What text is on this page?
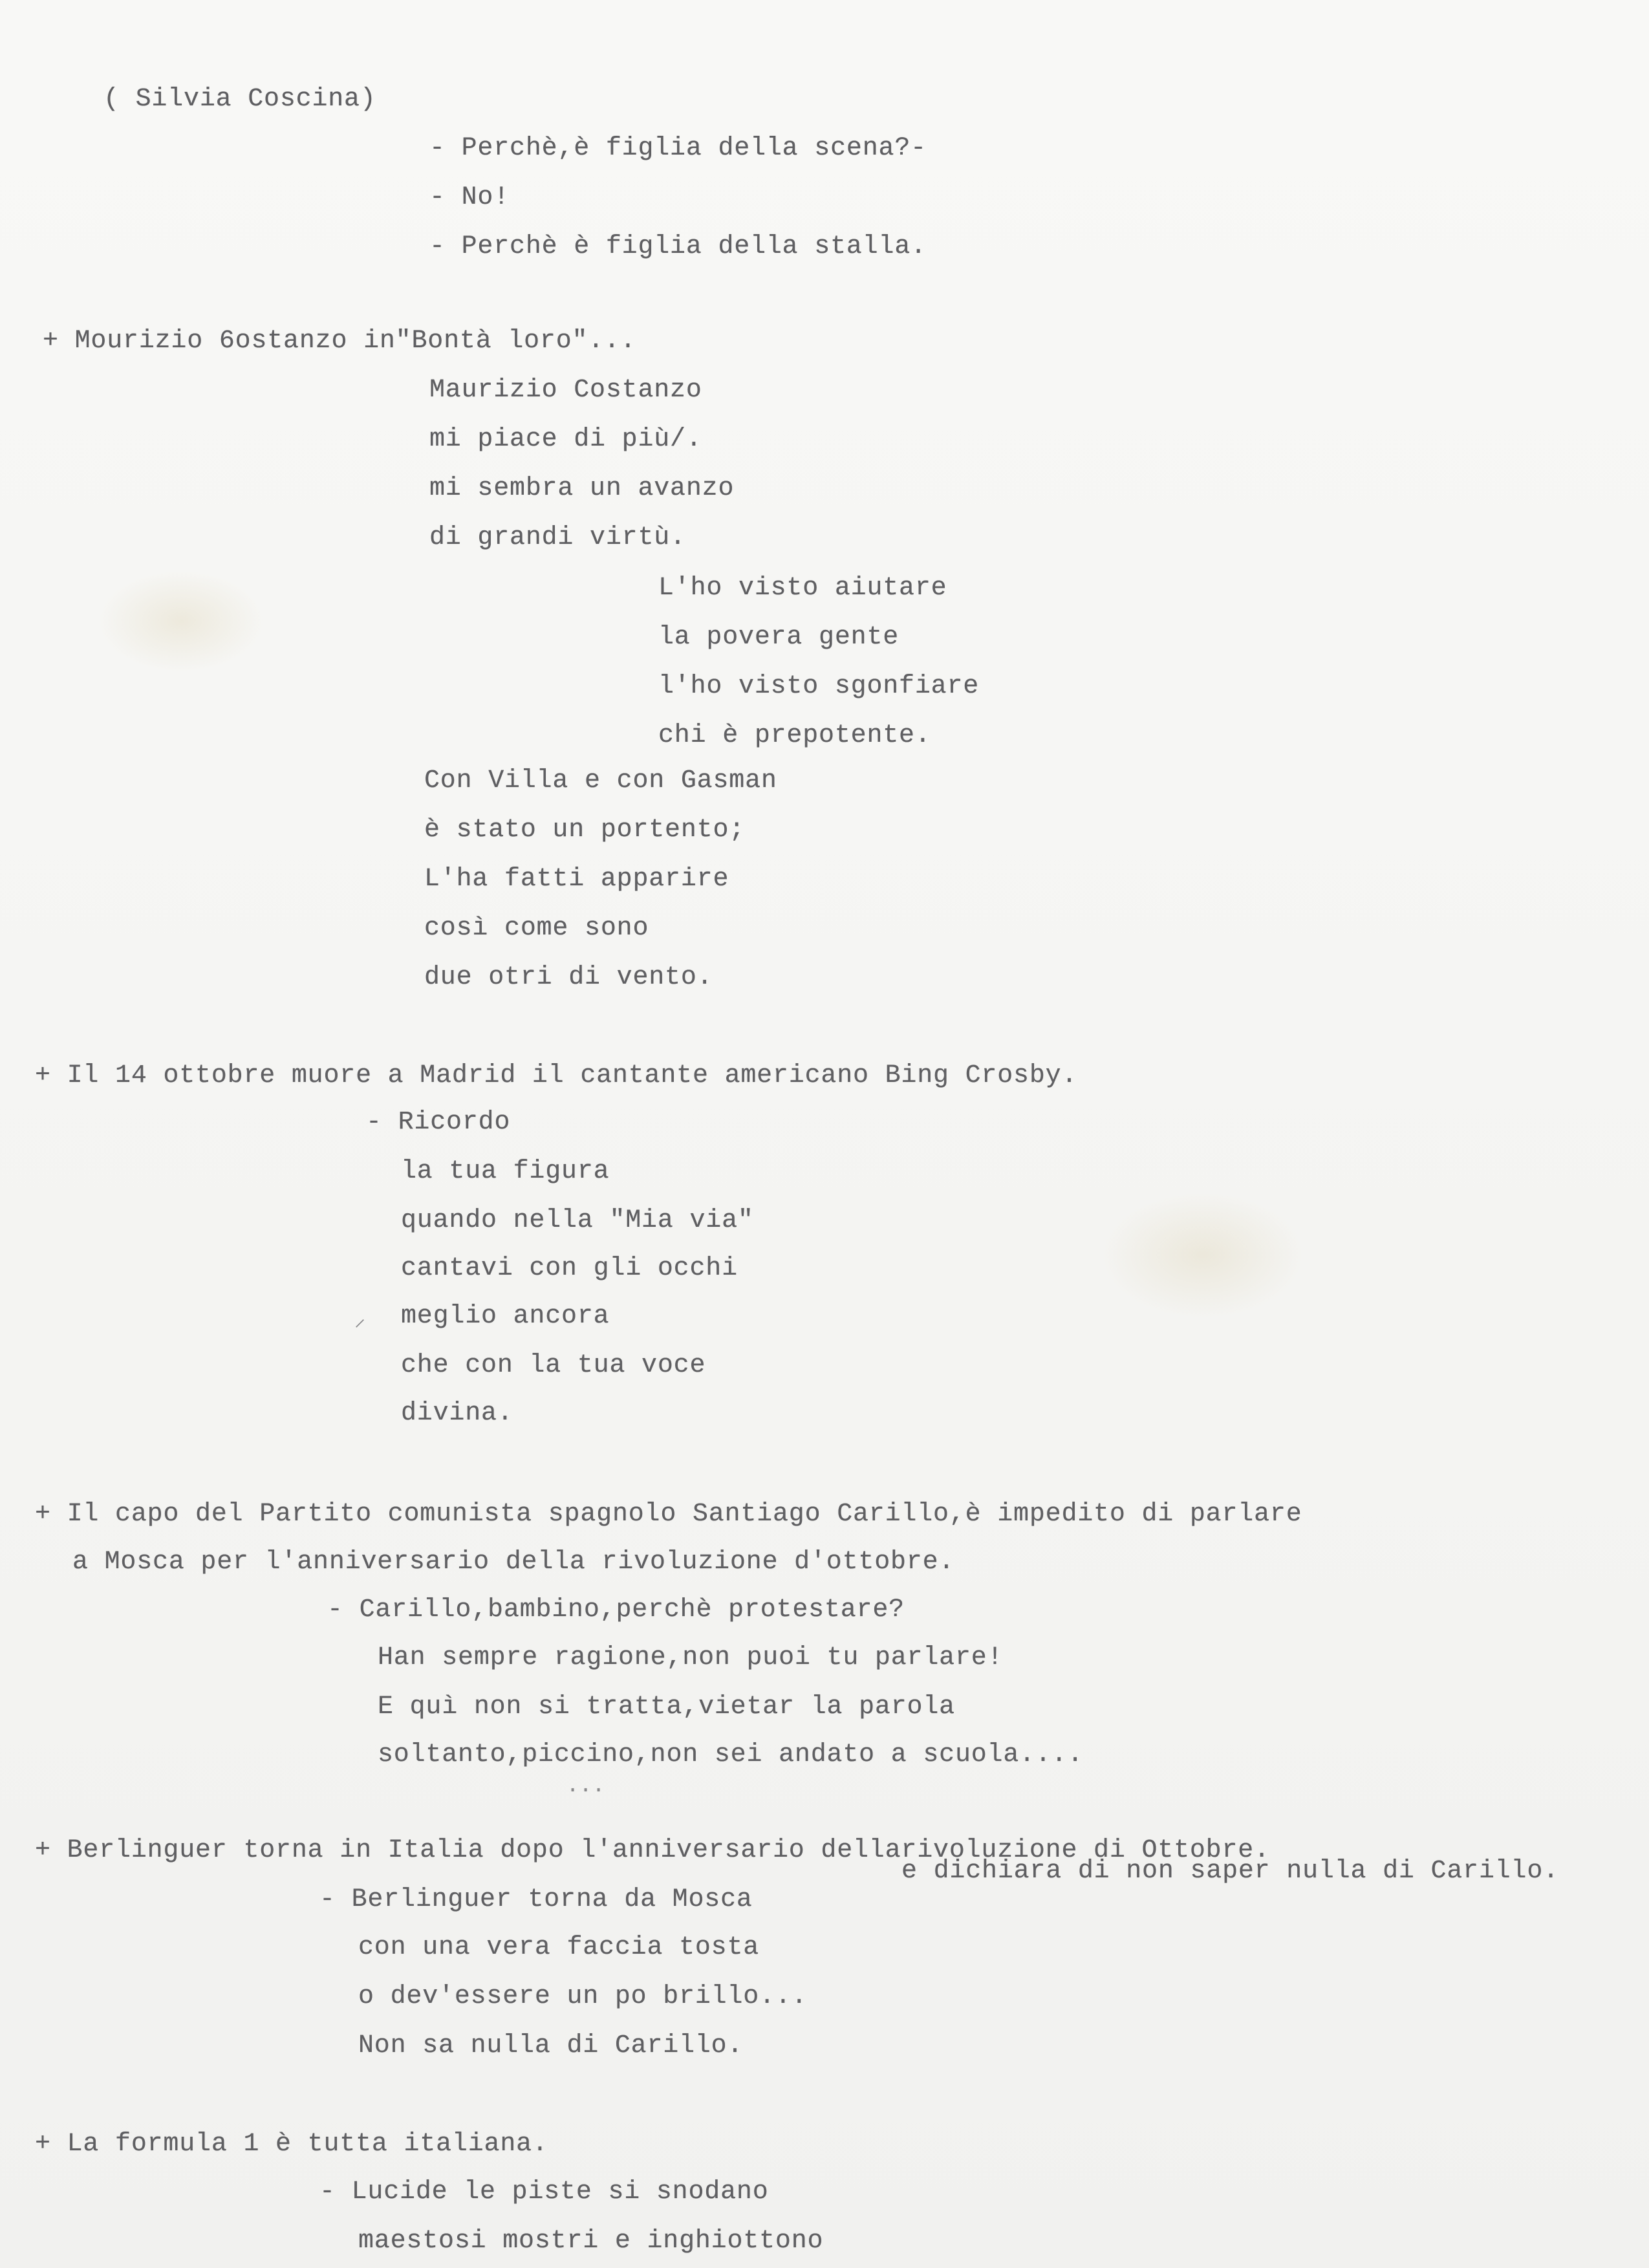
( Silvia Coscina)
- Perchè,è figlia della scena?-
- No!
- Perchè è figlia della stalla.
+ Mourizio 6ostanzo in"Bontà loro"...
Maurizio Costanzo
mi piace di più/.
mi sembra un avanzo
di grandi virtù.
L'ho visto aiutare
la povera gente
l'ho visto sgonfiare
chi è prepotente.
Con Villa e con Gasman
è stato un portento;
L'ha fatti apparire
così come sono
due otri di vento.
+ Il 14 ottobre muore a Madrid il cantante americano Bing Crosby.
- Ricordo
la tua figura
quando nella "Mia via"
cantavi con gli occhi
meglio ancora
che con la tua voce
divina.
+ Il capo del Partito comunista spagnolo Santiago Carillo,è impedito di parlare
a Mosca per l'anniversario della rivoluzione d'ottobre.
- Carillo,bambino,perchè protestare?
Han sempre ragione,non puoi tu parlare!
E quì non si tratta,vietar la parola
soltanto,piccino,non sei andato a scuola....
...
+ Berlinguer torna in Italia dopo l'anniversario dellarivoluzione di Ottobre.
e dichiara di non saper nulla di Carillo.
- Berlinguer torna da Mosca
con una vera faccia tosta
o dev'essere un po brillo...
Non sa nulla di Carillo.
+ La formula 1 è tutta italiana.
- Lucide le piste si snodano
maestosi mostri e inghiottono
⸝
